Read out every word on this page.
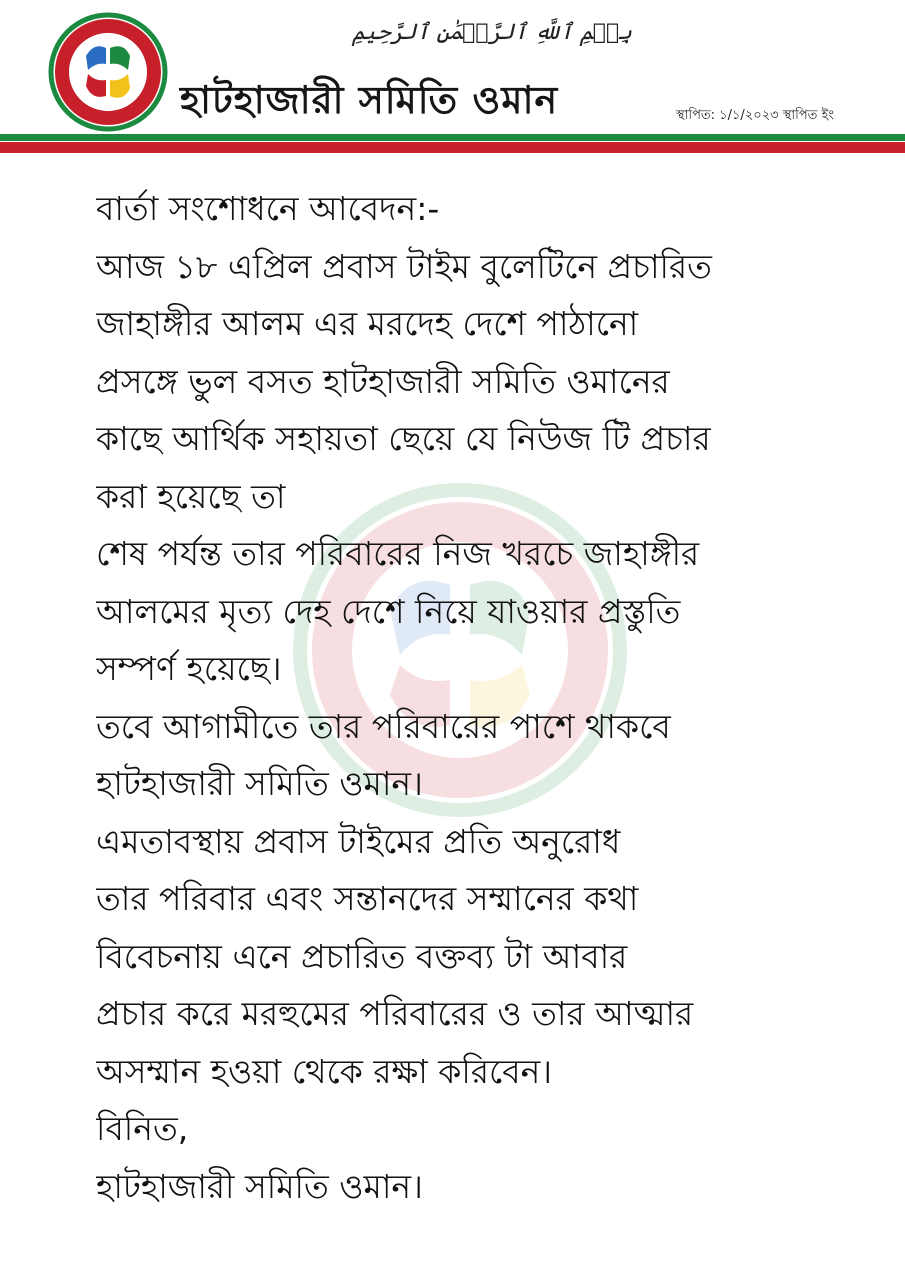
بِسۡمِ ٱللَّهِ ٱلرَّحۡمَٰنِ ٱلرَّحِيمِ
হাটহাজারী সমিতি ওমান	স্থাপিত: ১/১/২০২৩ স্থাপিত ইং
বার্তা সংশোধনে আবেদন:-
আজ ১৮ এপ্রিল প্রবাস টাইম বুলেটিনে প্রচারিত
জাহাঙ্গীর আলম এর মরদেহ দেশে পাঠানো
প্রসঙ্গে ভুল বসত হাটহাজারী সমিতি ওমানের
কাছে আর্থিক সহায়তা ছেয়ে যে নিউজ টি প্রচার
করা হয়েছে তা
শেষ পর্যন্ত তার পরিবারের নিজ খরচে জাহাঙ্গীর
আলমের মৃত্য দেহ দেশে নিয়ে যাওয়ার প্রস্তুতি
সম্পর্ণ হয়েছে।
তবে আগামীতে তার পরিবারের পাশে থাকবে
হাটহাজারী সমিতি ওমান।
এমতাবস্থায় প্রবাস টাইমের প্রতি অনুরোধ
তার পরিবার এবং সন্তানদের সম্মানের কথা
বিবেচনায় এনে প্রচারিত বক্তব্য টা আবার
প্রচার করে মরহুমের পরিবারের ও তার আত্মার
অসম্মান হওয়া থেকে রক্ষা করিবেন।
বিনিত,
হাটহাজারী সমিতি ওমান।
